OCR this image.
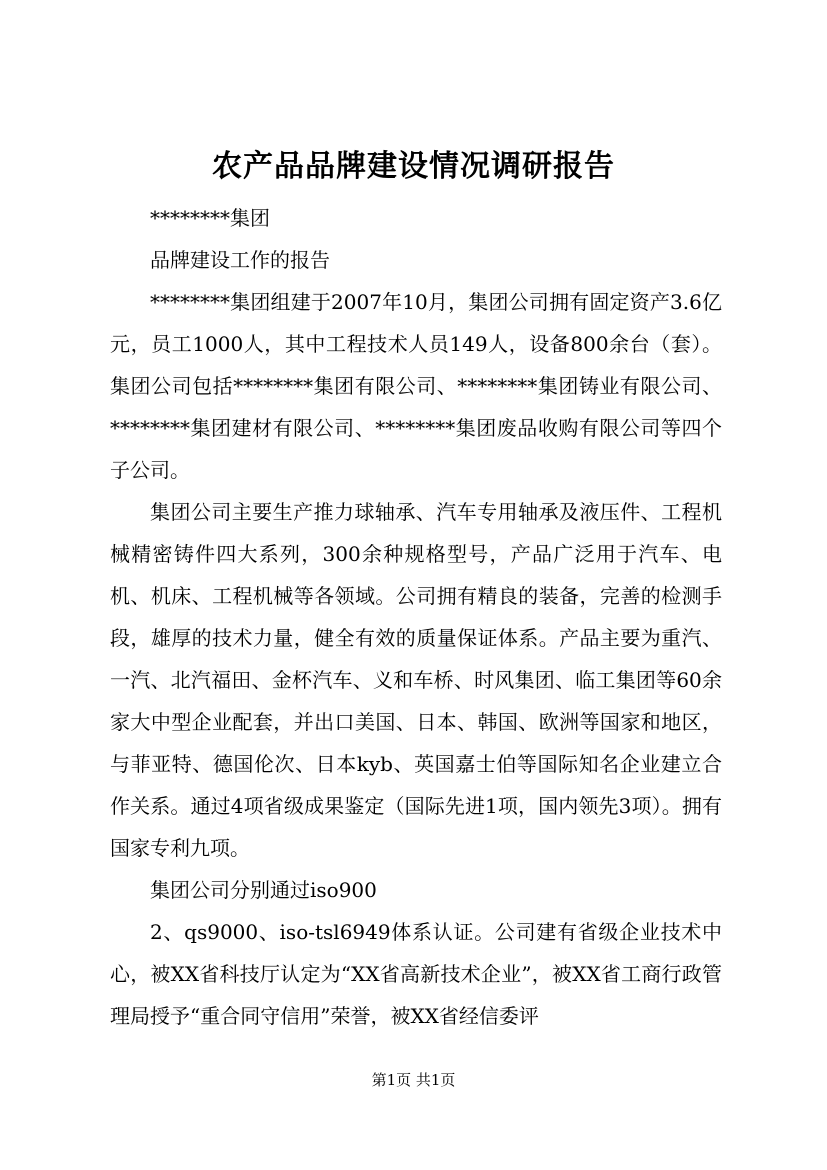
农产品品牌建设情况调研报告

********集团

品牌建设工作的报告

********集团组建于2007年10月，集团公司拥有固定资产3.6亿元，员工1000人，其中工程技术人员149人，设备800余台（套）。集团公司包括********集团有限公司、********集团铸业有限公司、********集团建材有限公司、********集团废品收购有限公司等四个子公司。

集团公司主要生产推力球轴承、汽车专用轴承及液压件、工程机械精密铸件四大系列，300余种规格型号，产品广泛用于汽车、电机、机床、工程机械等各领域。公司拥有精良的装备，完善的检测手段，雄厚的技术力量，健全有效的质量保证体系。产品主要为重汽、一汽、北汽福田、金杯汽车、义和车桥、时风集团、临工集团等60余家大中型企业配套，并出口美国、日本、韩国、欧洲等国家和地区，与菲亚特、德国伦次、日本kyb、英国嘉士伯等国际知名企业建立合作关系。通过4项省级成果鉴定（国际先进1项，国内领先3项）。拥有国家专利九项。

集团公司分别通过iso900

2、qs9000、iso-tsl6949体系认证。公司建有省级企业技术中心，被XX省科技厅认定为“XX省高新技术企业”，被XX省工商行政管理局授予“重合同守信用”荣誉，被XX省经信委评

第1页 共1页
